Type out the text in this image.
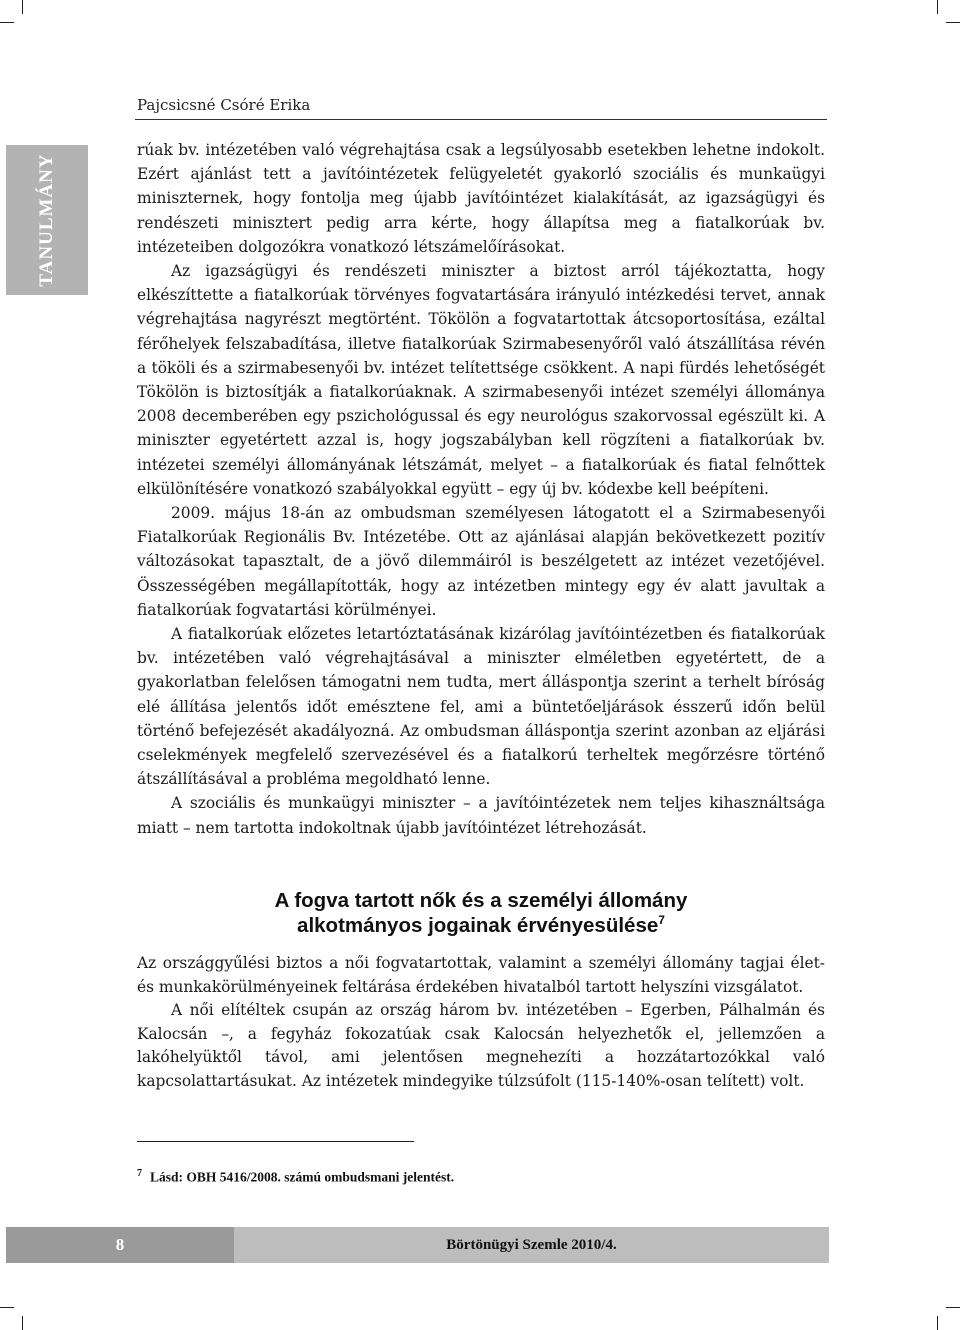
Pajcsicsné Csóré Erika
TANULMÁNY

rúak bv. intézetében való végrehajtása csak a legsúlyosabb esetekben lehetne indokolt. Ezért ajánlást tett a javítóintézetek felügyeletét gyakorló szociális és munkaügyi miniszternek, hogy fontolja meg újabb javítóintézet kialakítását, az igazságügyi és rendészeti minisztert pedig arra kérte, hogy állapítsa meg a fiatalkorúak bv. intézeteiben dolgozókra vonatkozó létszámelőírásokat.

Az igazságügyi és rendészeti miniszter a biztost arról tájékoztatta, hogy elkészíttette a fiatalkorúak törvényes fogvatartására irányuló intézkedési tervet, annak végrehajtása nagyrészt megtörtént. Tökölön a fogvatartottak átcsoportosítása, ezáltal férőhelyek felszabadítása, illetve fiatalkorúak Szirmabesenyőről való átszállítása révén a tököli és a szirmabesenyői bv. intézet telítettsége csökkent. A napi fürdés lehetőségét Tökölön is biztosítják a fiatalkorúaknak. A szirmabesenyői intézet személyi állománya 2008 decemberében egy pszichológussal és egy neurológus szakorvossal egészült ki. A miniszter egyetértett azzal is, hogy jogszabályban kell rögzíteni a fiatalkorúak bv. intézetei személyi állományának létszámát, melyet – a fiatalkorúak és fiatal felnőttek elkülönítésére vonatkozó szabályokkal együtt – egy új bv. kódexbe kell beépíteni.

2009. május 18-án az ombudsman személyesen látogatott el a Szirmabesenyői Fiatalkorúak Regionális Bv. Intézetébe. Ott az ajánlásai alapján bekövetkezett pozitív változásokat tapasztalt, de a jövő dilemmáiról is beszélgetett az intézet vezetőjével. Összességében megállapították, hogy az intézetben mintegy egy év alatt javultak a fiatalkorúak fogvatartási körülményei.

A fiatalkorúak előzetes letartóztatásának kizárólag javítóintézetben és fiatalkorúak bv. intézetében való végrehajtásával a miniszter elméletben egyetértett, de a gyakorlatban felelősen támogatni nem tudta, mert álláspontja szerint a terhelt bíróság elé állítása jelentős időt emésztene fel, ami a büntetőeljárások ésszerű időn belül történő befejezését akadályozná. Az ombudsman álláspontja szerint azonban az eljárási cselekmények megfelelő szervezésével és a fiatalkorú terheltek megőrzésre történő átszállításával a probléma megoldható lenne.

A szociális és munkaügyi miniszter – a javítóintézetek nem teljes kihasználtsága miatt – nem tartotta indokoltnak újabb javítóintézet létrehozását.

A fogva tartott nők és a személyi állomány
alkotmányos jogainak érvényesülése$^7$

Az országgyűlési biztos a női fogvatartottak, valamint a személyi állomány tagjai élet- és munkakörülményeinek feltárása érdekében hivatalból tartott helyszíni vizsgálatot.

A női elítéltek csupán az ország három bv. intézetében – Egerben, Pálhalmán és Kalocsán –, a fegyház fokozatúak csak Kalocsán helyezhetők el, jellemzően a lakóhelyüktől távol, ami jelentősen megnehezíti a hozzátartozókkal való kapcsolattartásukat. Az intézetek mindegyike túlzsúfolt (115-140%-osan telített) volt.

$^7$ Lásd: OBH 5416/2008. számú ombudsmani jelentést.
8	Börtönügyi Szemle 2010/4.
